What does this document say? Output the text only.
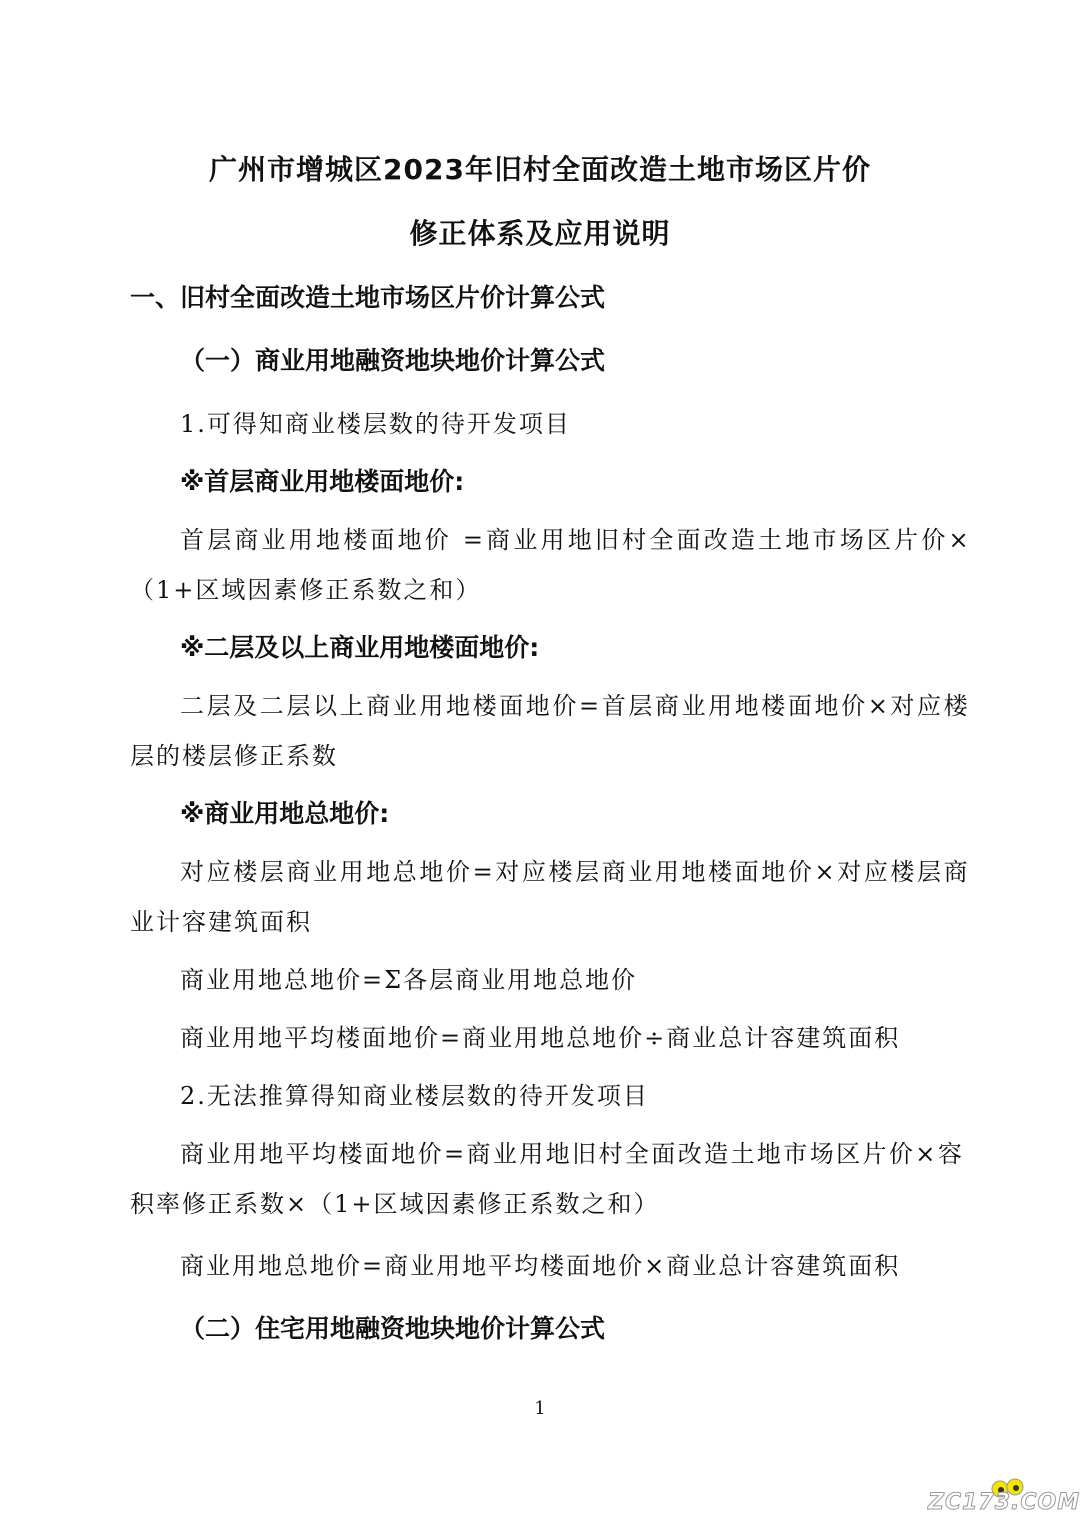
广州市增城区2023年旧村全面改造土地市场区片价
修正体系及应用说明
一、旧村全面改造土地市场区片价计算公式
（一）商业用地融资地块地价计算公式
1.可得知商业楼层数的待开发项目
※首层商业用地楼面地价:
首层商业用地楼面地价 =商业用地旧村全面改造土地市场区片价×
（1+区域因素修正系数之和）
※二层及以上商业用地楼面地价:
二层及二层以上商业用地楼面地价=首层商业用地楼面地价×对应楼
层的楼层修正系数
※商业用地总地价:
对应楼层商业用地总地价=对应楼层商业用地楼面地价×对应楼层商
业计容建筑面积
商业用地总地价=Σ各层商业用地总地价
商业用地平均楼面地价=商业用地总地价÷商业总计容建筑面积
2.无法推算得知商业楼层数的待开发项目
商业用地平均楼面地价=商业用地旧村全面改造土地市场区片价×容
积率修正系数×（1+区域因素修正系数之和）
商业用地总地价=商业用地平均楼面地价×商业总计容建筑面积
（二）住宅用地融资地块地价计算公式
1
ZC173.COM
